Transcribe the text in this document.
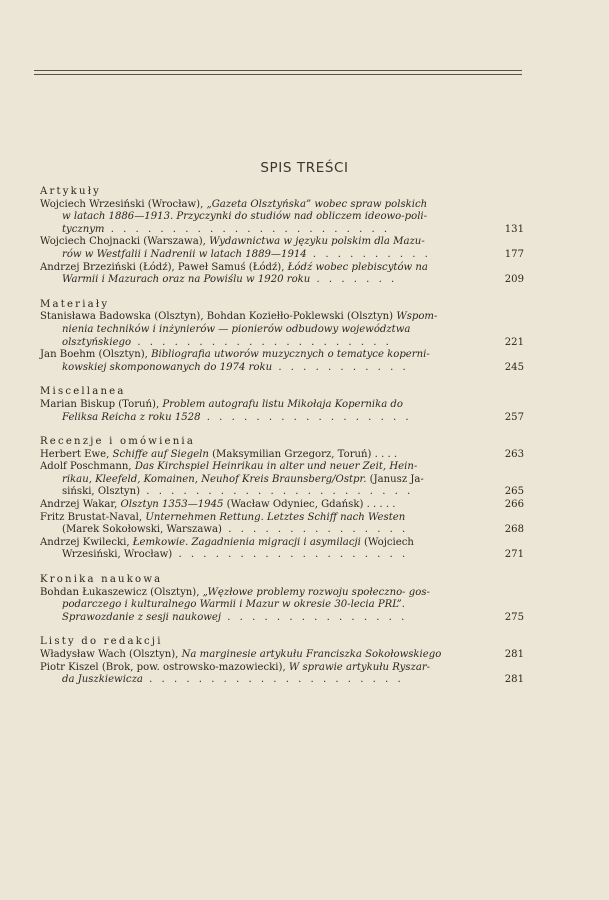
SPIS TREŚCI
Artykuły
Wojciech Wrzesiński (Wrocław), „Gazeta Olsztyńska” wobec spraw polskich
w latach 1886—1913. Przyczynki do studiów nad obliczem ideowo-poli-
tycznym . . . . . . . . . . . . . . . . . . . . . . .	131
Wojciech Chojnacki (Warszawa), Wydawnictwa w języku polskim dla Mazu-
rów w Westfalii i Nadrenii w latach 1889—1914 . . . . . . . . . .	177
Andrzej Brzeziński (Łódź), Paweł Samuś (Łódź), Łódź wobec plebiscytów na
Warmii i Mazurach oraz na Powiślu w 1920 roku . . . . . . .	209
Materiały
Stanisława Badowska (Olsztyn), Bohdan Koziełło-Poklewski (Olsztyn) Wspom-
nienia techników i inżynierów — pionierów odbudowy województwa
olsztyńskiego . . . . . . . . . . . . . . . . . . . . .	221
Jan Boehm (Olsztyn), Bibliografia utworów muzycznych o tematyce koperni-
kowskiej skomponowanych do 1974 roku . . . . . . . . . . .	245
Miscellanea
Marian Biskup (Toruń), Problem autografu listu Mikołaja Kopernika do
Feliksa Reicha z roku 1528 . . . . . . . . . . . . . . . . .	257
Recenzje i omówienia
Herbert Ewe, Schiffe auf Siegeln (Maksymilian Grzegorz, Toruń) . . . .	263
Adolf Poschmann, Das Kirchspiel Heinrikau in alter und neuer Zeit, Hein-
rikau, Kleefeld, Komainen, Neuhof Kreis Braunsberg/Ostpr. (Janusz Ja-
siński, Olsztyn) . . . . . . . . . . . . . . . . . . . . . .	265
Andrzej Wakar, Olsztyn 1353—1945 (Wacław Odyniec, Gdańsk) . . . . .	266
Fritz Brustat-Naval, Unternehmen Rettung. Letztes Schiff nach Westen
(Marek Sokołowski, Warszawa) . . . . . . . . . . . . . . .	268
Andrzej Kwilecki, Łemkowie. Zagadnienia migracji i asymilacji (Wojciech
Wrzesiński, Wrocław) . . . . . . . . . . . . . . . . . . .	271
Kronika naukowa
Bohdan Łukaszewicz (Olsztyn), „Węzłowe problemy rozwoju społeczno- gos-
podarczego i kulturalnego Warmii i Mazur w okresie 30-lecia PRL”.
Sprawozdanie z sesji naukowej . . . . . . . . . . . . . . .	275
Listy do redakcji
Władysław Wach (Olsztyn), Na marginesie artykułu Franciszka Sokołowskiego	281
Piotr Kiszel (Brok, pow. ostrowsko-mazowiecki), W sprawie artykułu Ryszar-
da Juszkiewicza . . . . . . . . . . . . . . . . . . . . .	281
